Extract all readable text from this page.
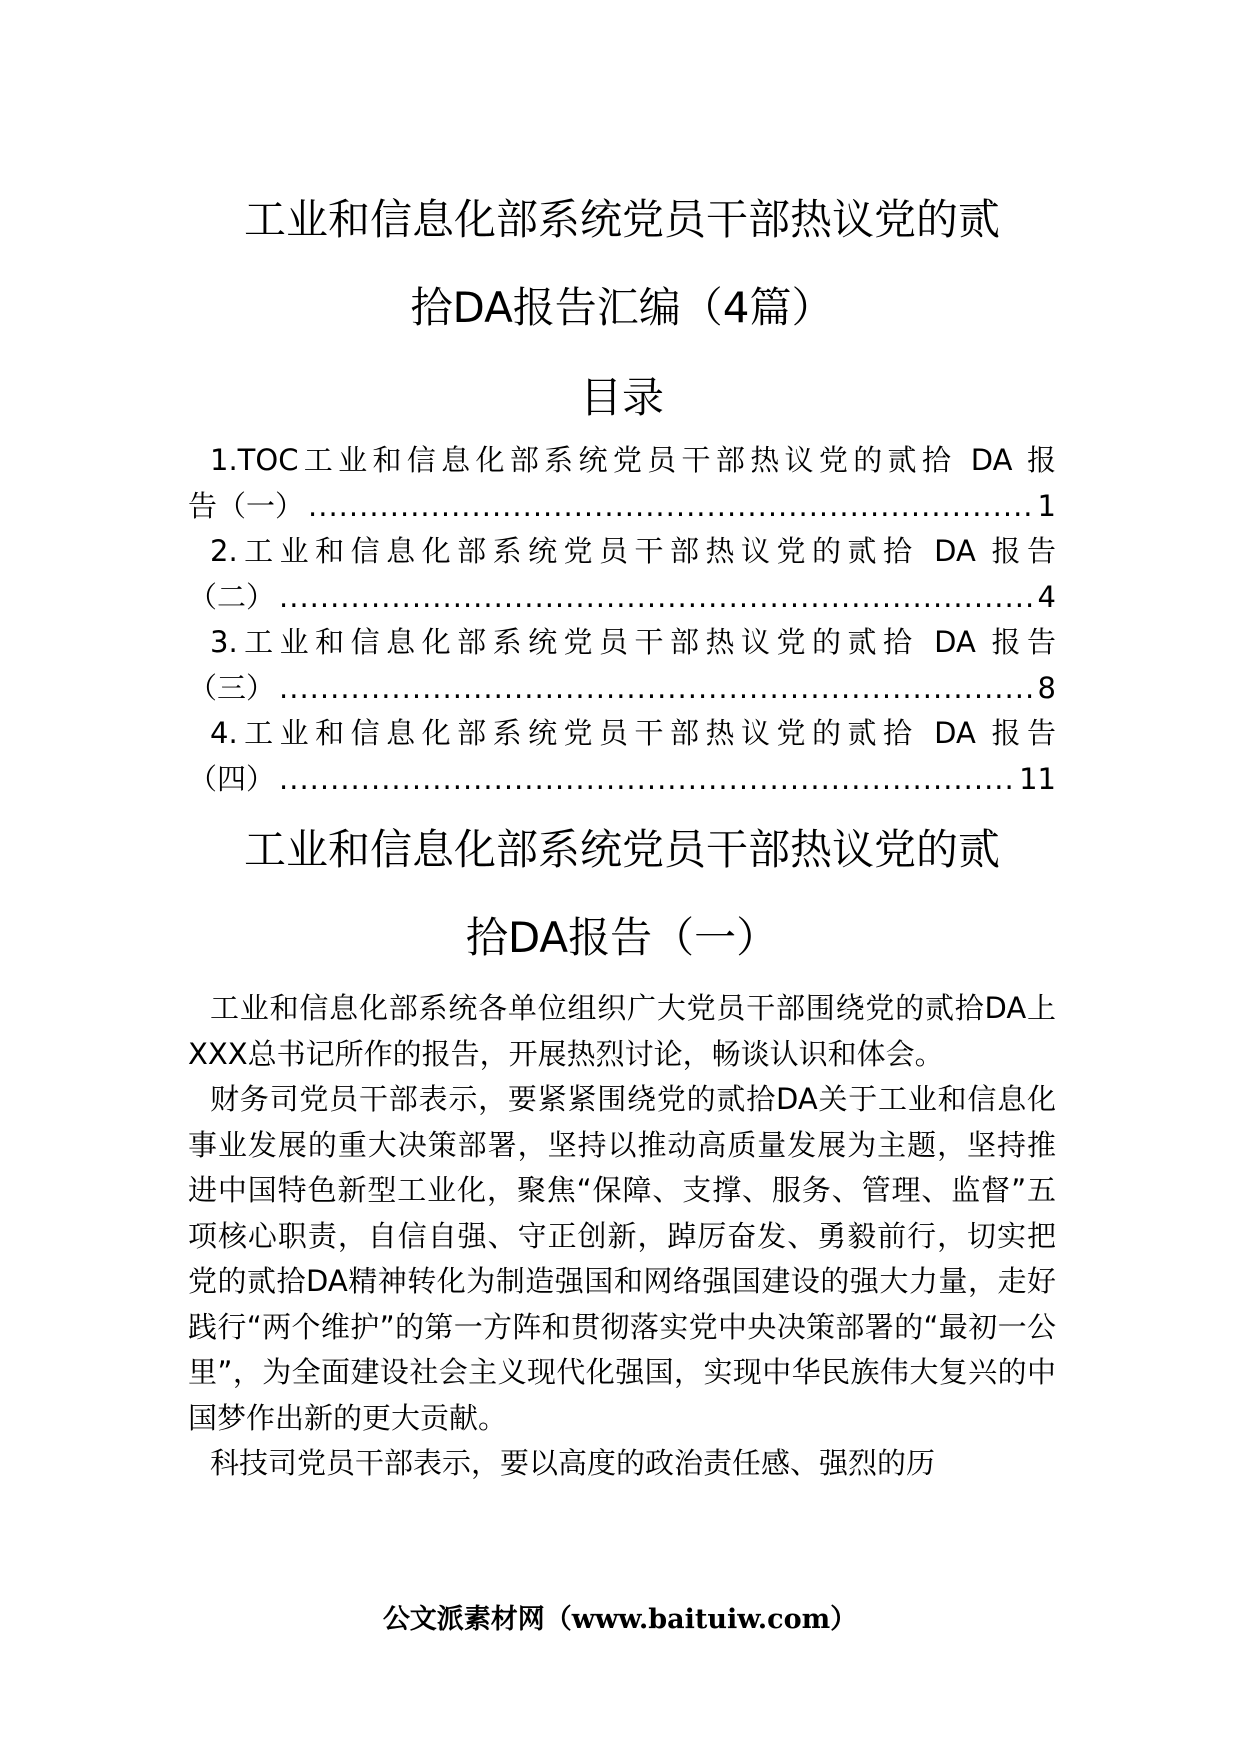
工业和信息化部系统党员干部热议党的贰
拾DA报告汇编（4篇）
目录
1.TOC工业和信息化部系统党员干部热议党的贰拾 DA 报
告（一） .....	1
2.工业和信息化部系统党员干部热议党的贰拾 DA 报告
（二） .....	4
3.工业和信息化部系统党员干部热议党的贰拾 DA 报告
（三） .....	8
4.工业和信息化部系统党员干部热议党的贰拾 DA 报告
（四） .....	11
工业和信息化部系统党员干部热议党的贰
拾DA报告（一）

工业和信息化部系统各单位组织广大党员干部围绕党的贰拾DA上XXX总书记所作的报告，开展热烈讨论，畅谈认识和体会。

财务司党员干部表示，要紧紧围绕党的贰拾DA关于工业和信息化事业发展的重大决策部署，坚持以推动高质量发展为主题，坚持推进中国特色新型工业化，聚焦“保障、支撑、服务、管理、监督”五项核心职责，自信自强、守正创新，踔厉奋发、勇毅前行，切实把党的贰拾DA精神转化为制造强国和网络强国建设的强大力量，走好践行“两个维护”的第一方阵和贯彻落实党中央决策部署的“最初一公里”，为全面建设社会主义现代化强国，实现中华民族伟大复兴的中国梦作出新的更大贡献。

科技司党员干部表示，要以高度的政治责任感、强烈的历

公文派素材网（www.baituiw.com）
